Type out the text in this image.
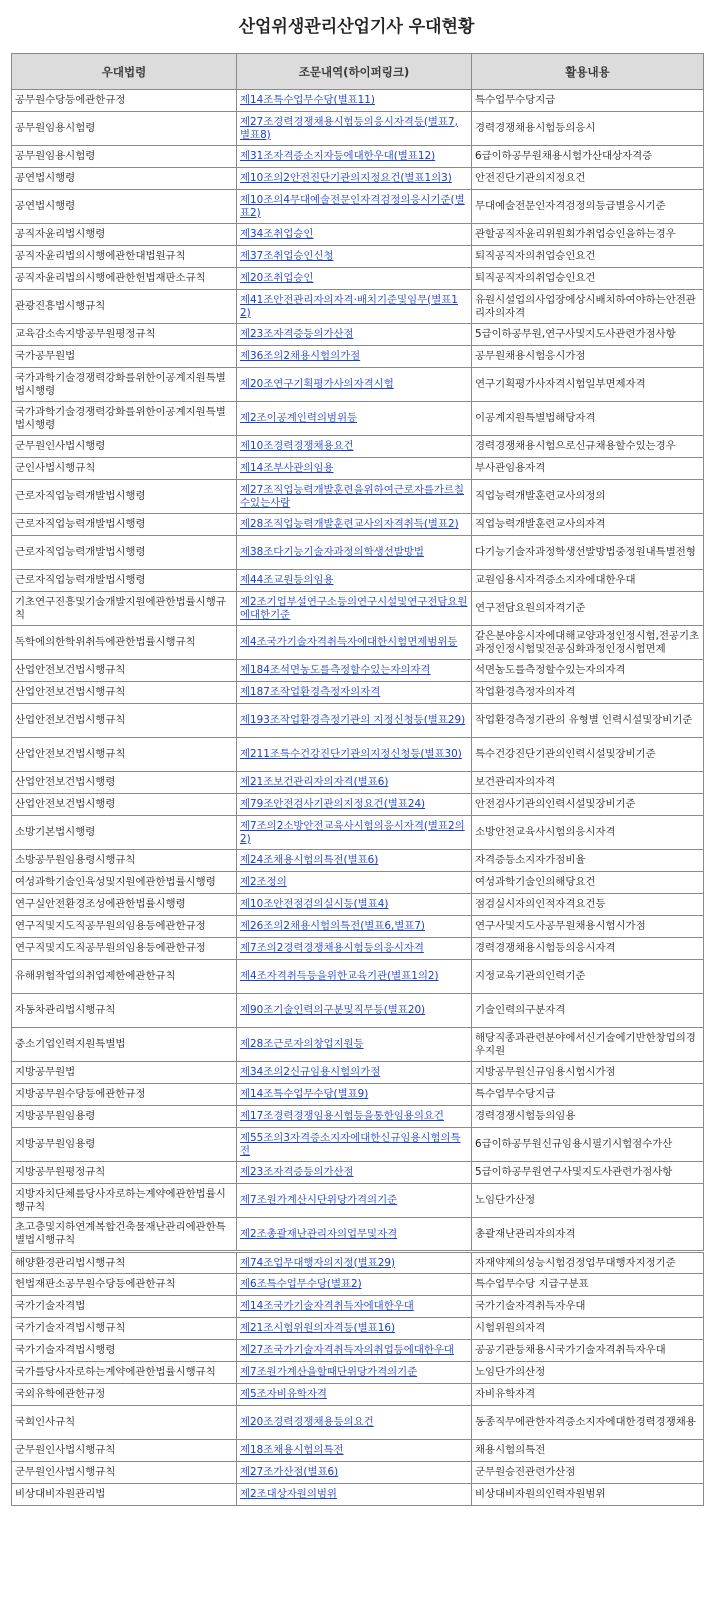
산업위생관리산업기사 우대현황
우대법령	조문내역(하이퍼링크)	활용내용
공무원수당등에관한규정	제14조특수업무수당(별표11)	특수업무수당지급
공무원임용시험령	제27조경력경쟁채용시험등의응시자격등(별표7, 별표8)	경력경쟁채용시험등의응시
공무원임용시험령	제31조자격증소지자등에대한우대(별표12)	6급이하공무원채용시험가산대상자격증
공연법시행령	제10조의2안전진단기관의지정요건(별표1의3)	안전진단기관의지정요건
공연법시행령	제10조의4무대예술전문인자격검정의응시기준(별표2)	무대예술전문인자격검정의등급별응시기준
공직자윤리법시행령	제34조취업승인	관할공직자윤리위원회가취업승인을하는경우
공직자윤리법의시행에관한대법원규칙	제37조취업승인신청	퇴직공직자의취업승인요건
공직자윤리법의시행에관한헌법재판소규칙	제20조취업승인	퇴직공직자의취업승인요건
관광진흥법시행규칙	제41조안전관리자의자격·배치기준및임무(별표12)	유원시설업의사업장에상시배치하여야하는안전관리자의자격
교육감소속지방공무원평정규칙	제23조자격증등의가산점	5급이하공무원,연구사및지도사관련가점사항
국가공무원법	제36조의2채용시험의가점	공무원채용시험응시가점
국가과학기술경쟁력강화를위한이공계지원특별법시행령	제20조연구기획평가사의자격시험	연구기획평가사자격시험일부면제자격
국가과학기술경쟁력강화를위한이공계지원특별법시행령	제2조이공계인력의범위등	이공계지원특별법해당자격
군무원인사법시행령	제10조경력경쟁채용요건	경력경쟁채용시험으로신규채용할수있는경우
군인사법시행규칙	제14조부사관의임용	부사관임용자격
근로자직업능력개발법시행령	제27조직업능력개발훈련을위하여근로자를가르칠수있는사람	직업능력개발훈련교사의정의
근로자직업능력개발법시행령	제28조직업능력개발훈련교사의자격취득(별표2)	직업능력개발훈련교사의자격
근로자직업능력개발법시행령	제38조다기능기술자과정의학생선발방법	다기능기술자과정학생선발방법중정원내특별전형
근로자직업능력개발법시행령	제44조교원등의임용	교원임용시자격증소지자에대한우대
기초연구진흥및기술개발지원에관한법률시행규칙	제2조기업부설연구소등의연구시설및연구전담요원에대한기준	연구전담요원의자격기준
독학에의한학위취득에관한법률시행규칙	제4조국가기술자격취득자에대한시험면제범위등	같은분야응시자에대해교양과정인정시험,전공기초과정인정시험및전공심화과정인정시험면제
산업안전보건법시행규칙	제184조석면농도를측정할수있는자의자격	석면농도를측정할수있는자의자격
산업안전보건법시행규칙	제187조작업환경측정자의자격	작업환경측정자의자격
산업안전보건법시행규칙	제193조작업환경측정기관의 지정신청등(별표29)	작업환경측정기관의 유형별 인력시설및장비기준
산업안전보건법시행규칙	제211조특수건강진단기관의지정신청등(별표30)	특수건강진단기관의인력시설및장비기준
산업안전보건법시행령	제21조보건관리자의자격(별표6)	보건관리자의자격
산업안전보건법시행령	제79조안전검사기관의지정요건(별표24)	안전검사기관의인력시설및장비기준
소방기본법시행령	제7조의2소방안전교육사시험의응시자격(별표2의2)	소방안전교육사시험의응시자격
소방공무원임용령시행규칙	제24조채용시험의특전(별표6)	자격증등소지자가점비율
여성과학기술인육성및지원에관한법률시행령	제2조정의	여성과학기술인의해당요건
연구실안전환경조성에관한법률시행령	제10조안전점검의실시등(별표4)	점검실시자의인적자격요건등
연구직및지도직공무원의임용등에관한규정	제26조의2채용시험의특전(별표6,별표7)	연구사및지도사공무원채용시험시가점
연구직및지도직공무원의임용등에관한규정	제7조의2경력경쟁채용시험등의응시자격	경력경쟁채용시험등의응시자격
유해위험작업의취업제한에관한규칙	제4조자격취득등을위한교육기관(별표1의2)	지정교육기관의인력기준
자동차관리법시행규칙	제90조기술인력의구분및직무등(별표20)	기술인력의구분자격
중소기업인력지원특별법	제28조근로자의창업지원등	해당직종과관련분야에서신기술에기반한창업의경우지원
지방공무원법	제34조의2신규임용시험의가점	지방공무원신규임용시험시가점
지방공무원수당등에관한규정	제14조특수업무수당(별표9)	특수업무수당지급
지방공무원임용령	제17조경력경쟁임용시험등을통한임용의요건	경력경쟁시험등의임용
지방공무원임용령	제55조의3자격증소지자에대한신규임용시험의특전	6급이하공무원신규임용시필기시험점수가산
지방공무원평정규칙	제23조자격증등의가산점	5급이하공무원연구사및지도사관련가점사항
지방자치단체를당사자로하는계약에관한법률시행규칙	제7조원가계산시단위당가격의기준	노임단가산정
초고층및지하연계복합건축물재난관리에관한특별법시행규칙	제2조총괄재난관리자의업무및자격	총괄재난관리자의자격
해양환경관리법시행규칙	제74조업무대행자의지정(별표29)	자재약제의성능시험검정업무대행자지정기준
헌법재판소공무원수당등에관한규칙	제6조특수업무수당(별표2)	특수업무수당 지급구분표
국가기술자격법	제14조국가기술자격취득자에대한우대	국가기술자격취득자우대
국가기술자격법시행규칙	제21조시험위원의자격등(별표16)	시험위원의자격
국가기술자격법시행령	제27조국가기술자격취득자의취업등에대한우대	공공기관등채용시국가기술자격취득자우대
국가를당사자로하는계약에관한법률시행규칙	제7조원가계산을할때단위당가격의기준	노임단가의산정
국외유학에관한규정	제5조자비유학자격	자비유학자격
국회인사규칙	제20조경력경쟁채용등의요건	동종직무에관한자격증소지자에대한경력경쟁채용
군무원인사법시행규칙	제18조채용시험의특전	채용시험의특전
군무원인사법시행규칙	제27조가산점(별표6)	군무원승진관련가산점
비상대비자원관리법	제2조대상자원의범위	비상대비자원의인력자원범위
